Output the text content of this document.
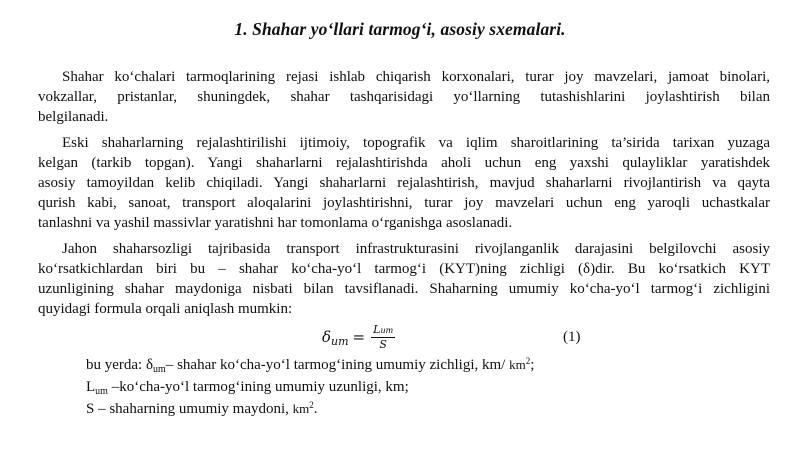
1. Shahar yo‘llari tarmog‘i, asosiy sxemalari.
Shahar ko‘chalari tarmoqlarining rejasi ishlab chiqarish korxonalari, turar joy mavzelari, jamoat binolari,
vokzallar, pristanlar, shuningdek, shahar tashqarisidagi yo‘llarning tutashishlarini joylashtirish bilan
belgilanadi.
Eski shaharlarning rejalashtirilishi ijtimoiy, topografik va iqlim sharoitlarining ta’sirida tarixan yuzaga
kelgan (tarkib topgan). Yangi shaharlarni rejalashtirishda aholi uchun eng yaxshi qulayliklar yaratishdek
asosiy tamoyildan kelib chiqiladi. Yangi shaharlarni rejalashtirish, mavjud shaharlarni rivojlantirish va qayta
qurish kabi, sanoat, transport aloqalarini joylashtirishni, turar joy mavzelari uchun eng yaroqli uchastkalar
tanlashni va yashil massivlar yaratishni har tomonlama o‘rganishga asoslanadi.
Jahon shaharsozligi tajribasida transport infrastrukturasini rivojlanganlik darajasini belgilovchi asosiy
ko‘rsatkichlardan biri bu – shahar ko‘cha-yo‘l tarmog‘i (KYT)ning zichligi (δ)dir. Bu ko‘rsatkich KYT
uzunligining shahar maydoniga nisbati bilan tavsiflanadi. Shaharning umumiy ko‘cha-yo‘l tarmog‘i zichligini
quyidagi formula orqali aniqlash mumkin:
δ um = $\frac{\text{Lum}}{S}$	(1)
bu yerda: $\delta_{um}-$ shahar ko‘cha-yo‘l tarmog‘ining umumiy zichligi, km/ $km^2$;
$L_{um}$ –ko‘cha-yo‘l tarmog‘ining umumiy uzunligi, km;
S – shaharning umumiy maydoni, $km^2$.
